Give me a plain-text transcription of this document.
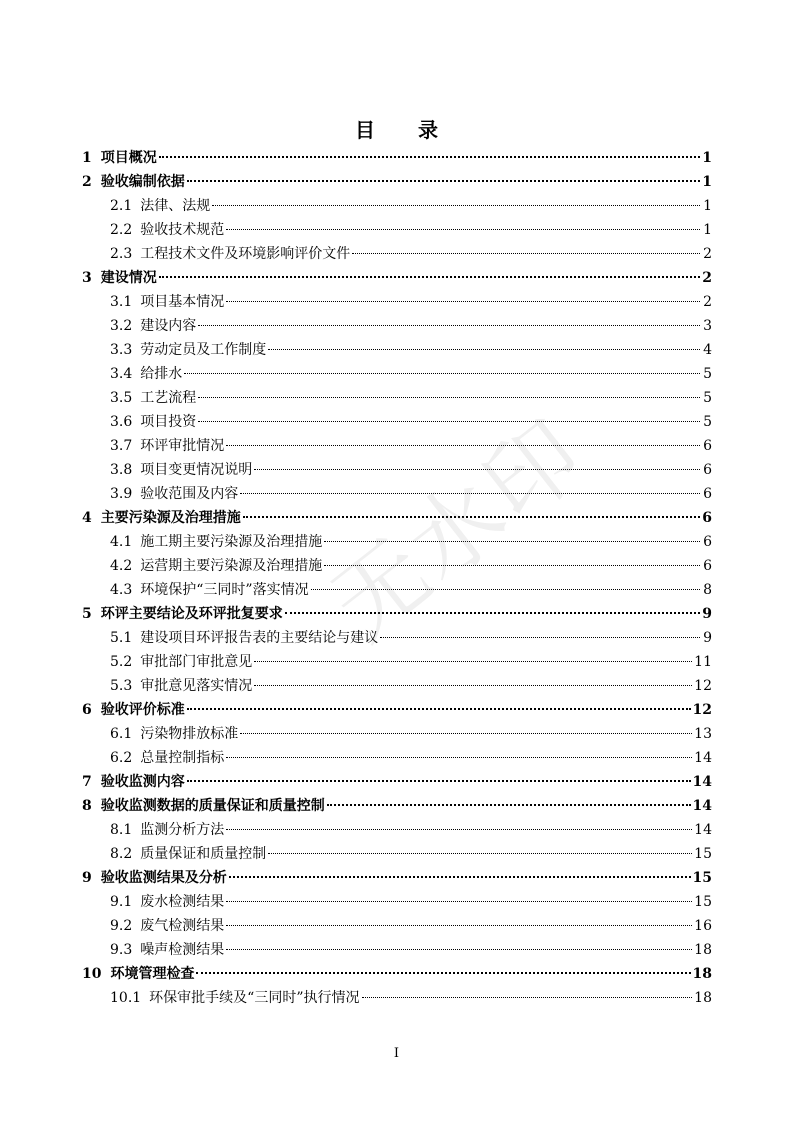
目 录
1 项目概况	1
2 验收编制依据	1
2.1 法律、法规	1
2.2 验收技术规范	1
2.3 工程技术文件及环境影响评价文件	2
3 建设情况	2
3.1 项目基本情况	2
3.2 建设内容	3
3.3 劳动定员及工作制度	4
3.4 给排水	5
3.5 工艺流程	5
3.6 项目投资	5
3.7 环评审批情况	6
3.8 项目变更情况说明	6
3.9 验收范围及内容	6
4 主要污染源及治理措施	6
4.1 施工期主要污染源及治理措施	6
4.2 运营期主要污染源及治理措施	6
4.3 环境保护“三同时”落实情况	8
5 环评主要结论及环评批复要求	9
5.1 建设项目环评报告表的主要结论与建议	9
5.2 审批部门审批意见	11
5.3 审批意见落实情况	12
6 验收评价标准	12
6.1 污染物排放标准	13
6.2 总量控制指标	14
7 验收监测内容	14
8 验收监测数据的质量保证和质量控制	14
8.1 监测分析方法	14
8.2 质量保证和质量控制	15
9 验收监测结果及分析	15
9.1 废水检测结果	15
9.2 废气检测结果	16
9.3 噪声检测结果	18
10 环境管理检查	18
10.1 环保审批手续及“三同时”执行情况	18
无水印
I
